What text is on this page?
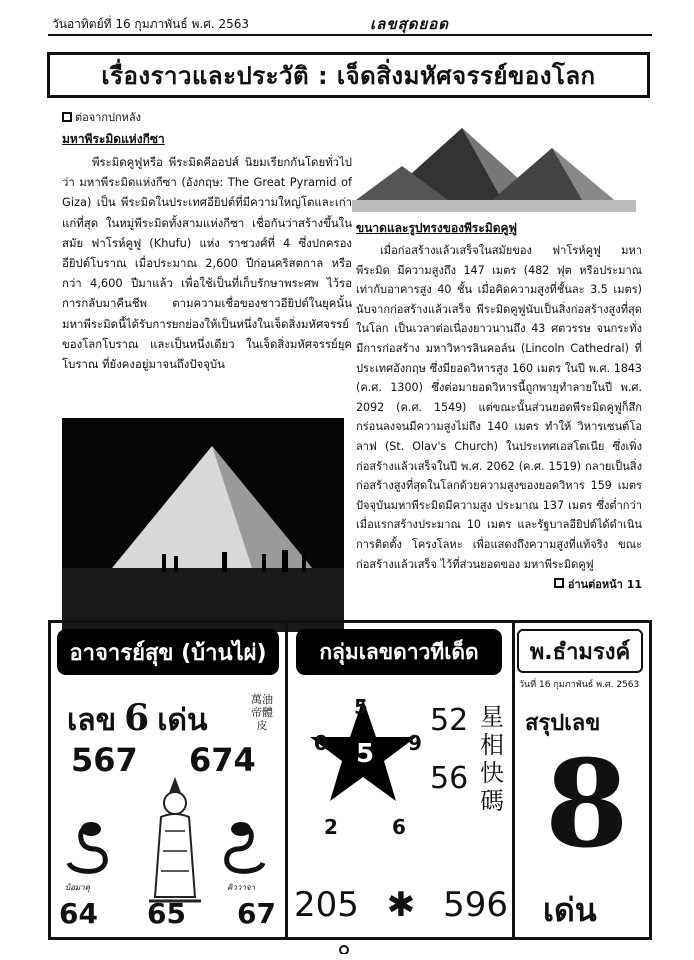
วันอาทิตย์ที่ 16 กุมภาพันธ์ พ.ศ. 2563	เลขสุดยอด
เรื่องราวและประวัติ : เจ็ดสิ่งมหัศจรรย์ของโลก
ต่อจากปกหลัง
มหาพีระมิดแห่งกีซา

พีระมิดคูฟูหรือ พีระมิดคีออปส์ นิยมเรียกกันโดยทั่วไปว่า มหาพีระมิดแห่งกีซา (อังกฤษ: The Great Pyramid of Giza) เป็น พีระมิดในประเทศอียิปต์ที่มีความใหญ่โตและเก่าแก่ที่สุด ในหมู่พีระมิดทั้งสามแห่งกีซา เชื่อกันว่าสร้างขึ้นในสมัย ฟาโรห์คูฟู (Khufu) แห่ง ราชวงศ์ที่ 4 ซึ่งปกครองอียิปต์โบราณ เมื่อประมาณ 2,600 ปีก่อนคริสตกาล หรือกว่า 4,600 ปีมาแล้ว เพื่อใช้เป็นที่เก็บรักษาพระศพ ไว้รอการกลับมาคืนชีพ ตามความเชื่อของชาวอียิปต์ในยุคนั้น มหาพีระมิดนี้ได้รับการยกย่องให้เป็นหนึ่งในเจ็ดสิ่งมหัศจรรย์ของโลกโบราณ และเป็นหนึ่งเดียว ในเจ็ดสิ่งมหัศจรรย์ยุคโบราณ ที่ยังคงอยู่มาจนถึงปัจจุบัน

ขนาดและรูปทรงของพีระมิดคูฟู

เมื่อก่อสร้างแล้วเสร็จในสมัยของ ฟาโรห์คูฟู มหาพีระมิด มีความสูงถึง 147 เมตร (482 ฟุต หรือประมาณเท่ากับอาคารสูง 40 ชั้น เมื่อคิดความสูงที่ชั้นละ 3.5 เมตร) นับจากก่อสร้างแล้วเสร็จ พีระมิดคูฟูนับเป็นสิ่งก่อสร้างสูงที่สุดในโลก เป็นเวลาต่อเนื่องยาวนานถึง 43 ศตวรรษ จนกระทั่ง มีการก่อสร้าง มหาวิหารลินคอล์น (Lincoln Cathedral) ที่ ประเทศอังกฤษ ซึ่งมียอดวิหารสูง 160 เมตร ในปี พ.ศ. 1843 (ค.ศ. 1300) ซึ่งต่อมายอดวิหารนี้ถูกพายุทำลายในปี พ.ศ. 2092 (ค.ศ. 1549) แต่ขณะนั้นส่วนยอดพีระมิดคูฟูก็สึกกร่อนลงจนมีความสูงไม่ถึง 140 เมตร ทำให้ วิหารเซนต์โอลาฟ (St. Olav's Church) ในประเทศเอสโตเนีย ซึ่งเพิ่งก่อสร้างแล้วเสร็จในปี พ.ศ. 2062 (ค.ศ. 1519) กลายเป็นสิ่งก่อสร้างสูงที่สุดในโลกด้วยความสูงของยอดวิหาร 159 เมตร ปัจจุบันมหาพีระมิดมีความสูง ประมาณ 137 เมตร ซึ่งต่ำกว่าเมื่อแรกสร้างประมาณ 10 เมตร และรัฐบาลอียิปต์ได้ดำเนินการติดตั้ง โครงโลหะ เพื่อแสดงถึงความสูงที่แท้จริง ขณะก่อสร้างแล้วเสร็จ ไว้ที่ส่วนยอดของ มหาพีระมิดคูฟู

อ่านต่อหน้า 11
อาจารย์สุข (บ้านไผ่)
เลข 6 เด่น
萬油帝體皮
567 674
บ้อมาคุ	คิววาจา
64 65 67
กลุ่มเลขดาวทีเด็ด
5
5
0	9
2	6
52
56
星相快碼
205 ✱ 596
พ.ธำมรงค์
วันที่ 16 กุมภาพันธ์ พ.ศ. 2563
สรุปเลข
8
เด่น
